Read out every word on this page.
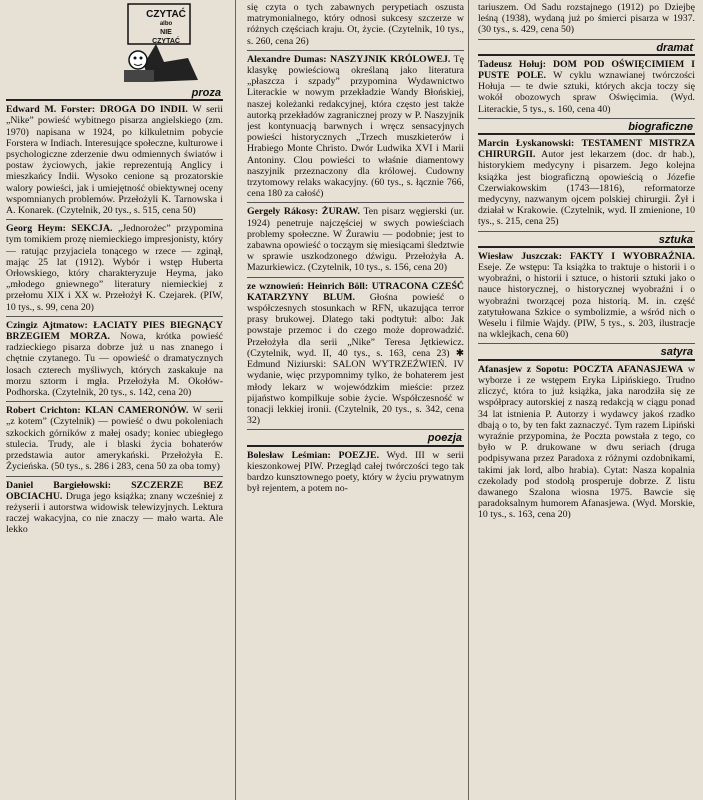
CZYTAĆ
albo
NIE CZYTAĆ
proza
Edward M. Forster: DROGA DO INDII. W serii „Nike” powieść wybitnego pisarza angielskiego (zm. 1970) napisana w 1924, po kilkuletnim pobycie Forstera w Indiach. Interesujące społeczne, kulturowe i psychologiczne zderzenie dwu odmiennych światów i postaw życiowych, jakie reprezentują Anglicy i mieszkańcy Indii. Wysoko cenione są prozatorskie walory powieści, jak i umiejętność obiektywnej oceny wspomnianych problemów. Przełożyli K. Tarnowska i A. Konarek. (Czytelnik, 20 tys., s. 515, cena 50)
Georg Heym: SEKCJA. „Jednorożec” przypomina tym tomikiem prozę niemieckiego impresjonisty, który — ratując przyjaciela tonącego w rzece — zginął, mając 25 lat (1912). Wybór i wstęp Huberta Orłowskiego, który charakteryzuje Heyma, jako „młodego gniewnego” literatury niemieckiej z przełomu XIX i XX w. Przełożył K. Czejarek. (PIW, 10 tys., s. 99, cena 20)
Czingiz Ajtmatow: ŁACIATY PIES BIEGNĄCY BRZEGIEM MORZA. Nowa, krótka powieść radzieckiego pisarza dobrze już u nas znanego i chętnie czytanego. Tu — opowieść o dramatycznych losach czterech myśliwych, których zaskakuje na morzu sztorm i mgła. Przełożyła M. Okołów-Podhorska. (Czytelnik, 20 tys., s. 142, cena 20)
Robert Crichton: KLAN CAMERONÓW. W serii „z kotem” (Czytelnik) — powieść o dwu pokoleniach szkockich górników z małej osady; koniec ubiegłego stulecia. Trudy, ale i blaski życia bohaterów przedstawia autor amerykański. Przełożyła E. Życieńska. (50 tys., s. 286 i 283, cena 50 za oba tomy)
Daniel Bargiełowski: SZCZERZE BEZ OBCIACHU. Druga jego książka; znany wcześniej z reżyserii i autorstwa widowisk telewizyjnych. Lektura raczej wakacyjna, co nie znaczy — mało warta. Ale lekko
się czyta o tych zabawnych perypetiach oszusta matrymonialnego, który odnosi sukcesy szczerze w różnych częściach kraju. Ot, życie. (Czytelnik, 10 tys., s. 260, cena 26)
Alexandre Dumas: NASZYJNIK KRÓLOWEJ. Tę klasykę powieściową określaną jako literatura „płaszcza i szpady” przypomina Wydawnictwo Literackie w nowym przekładzie Wandy Błońskiej, naszej koleżanki redakcyjnej, która często jest także autorką przekładów zagranicznej prozy w P. Naszyjnik jest kontynuacją barwnych i wręcz sensacyjnych powieści historycznych „Trzech muszkieterów i Hrabiego Monte Christo. Dwór Ludwika XVI i Marii Antoniny. Clou powieści to właśnie diamentowy naszyjnik przeznaczony dla królowej. Cudowny trzytomowy relaks wakacyjny. (60 tys., s. łącznie 766, cena 180 za całość)
Gergely Rákosy: ŻURAW. Ten pisarz węgierski (ur. 1924) penetruje najczęściej w swych powieściach problemy społeczne. W Żurawiu — podobnie; jest to zabawna opowieść o tocząym się miesiącami śledztwie w sprawie uszkodzonego dźwigu. Przełożyła A. Mazurkiewicz. (Czytelnik, 10 tys., s. 156, cena 20)
ze wznowień: Heinrich Böll: UTRACONA CZEŚĆ KATARZYNY BLUM. Głośna powieść o współczesnych stosunkach w RFN, ukazująca terror prasy brukowej. Dlatego taki podtytuł: albo: Jak powstaje przemoc i do czego może doprowadzić. Przełożyła dla serii „Nike” Teresa Jętkiewicz. (Czytelnik, wyd. II, 40 tys., s. 163, cena 23) ✱ Edmund Niziurski: SALON WYTRZEŹWIEŃ. IV wydanie, więc przypomnimy tylko, że bohaterem jest młody lekarz w wojewódzkim mieście: przez pijaństwo kompilkuje sobie życie. Współczesność w tonacji lekkiej ironii. (Czytelnik, 20 tys., s. 342, cena 32)
poezja
Bolesław Leśmian: POEZJE. Wyd. III w serii kieszonkowej PIW. Przegląd całej twórczości tego tak bardzo kunsztownego poety, który w życiu prywatnym był rejentem, a potem no-
tariuszem. Od Sadu rozstajnego (1912) po Dziejbę leśną (1938), wydaną już po śmierci pisarza w 1937. (30 tys., s. 429, cena 50)
dramat
Tadeusz Hołuj: DOM POD OŚWIĘCIMIEM I PUSTE POLE. W cyklu wznawianej twórczości Hołuja — te dwie sztuki, których akcja toczy się wokół obozowych spraw Oświęcimia. (Wyd. Literackie, 5 tys., s. 160, cena 40)
biograficzne
Marcin Łyskanowski: TESTAMENT MISTRZA CHIRURGII. Autor jest lekarzem (doc. dr hab.), historykiem medycyny i pisarzem. Jego kolejna książka jest biograficzną opowieścią o Józefie Czerwiakowskim (1743—1816), reformatorze medycyny, nazwanym ojcem polskiej chirurgii. Żył i działał w Krakowie. (Czytelnik, wyd. II zmienione, 10 tys., s. 215, cena 25)
sztuka
Wiesław Juszczak: FAKTY I WYOBRAŹNIA. Eseje. Ze wstępu: Ta książka to traktuje o historii i o wyobraźni, o historii i sztuce, o historii sztuki jako o nauce historycznej, o historycznej wyobraźni i o wyobraźni tworzącej poza historią. M. in. część zatytułowana Szkice o symbolizmie, a wśród nich o Weselu i filmie Wajdy. (PIW, 5 tys., s. 203, ilustracje na wklejkach, cena 60)
satyra
Afanasjew z Sopotu: POCZTA AFANASJEWA w wyborze i ze wstępem Eryka Lipińskiego. Trudno zliczyć, która to już książka, jaka narodziła się ze współpracy autorskiej z naszą redakcją w ciągu ponad 34 lat istnienia P. Autorzy i wydawcy jakoś rzadko dbają o to, by ten fakt zaznaczyć. Tym razem Lipiński wyraźnie przypomina, że Poczta powstała z tego, co było w P. drukowane w dwu seriach (druga podpisywana przez Paradoxa z różnymi ozdobnikami, takimi jak lord, albo hrabia). Cytat: Nasza kopalnia czekolady pod stodołą prosperuje dobrze. Z listu dawanego Szalona wiosna 1975. Bawcie się paradoksalnym humorem Afanasjewa. (Wyd. Morskie, 10 tys., s. 163, cena 20)
